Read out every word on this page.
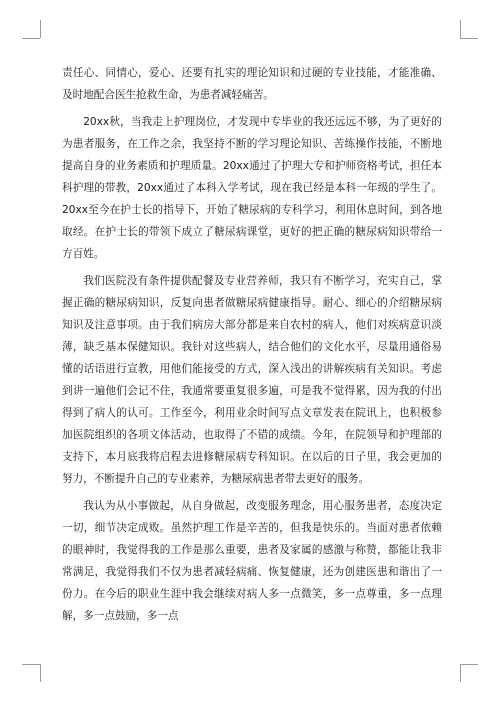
责任心、同情心，爱心、还要有扎实的理论知识和过硬的专业技能，才能准确、及时地配合医生抢救生命，为患者减轻痛苦。

20xx秋，当我走上护理岗位，才发现中专毕业的我还远远不够，为了更好的为患者服务，在工作之余，我坚持不断的学习理论知识、苦练操作技能，不断地提高自身的业务素质和护理质量。20xx通过了护理大专和护师资格考试，担任本科护理的带教，20xx通过了本科入学考试，现在我已经是本科一年级的学生了。20xx至今在护士长的指导下，开始了糖尿病的专科学习，利用休息时间，到各地取经。在护士长的带领下成立了糖尿病课堂，更好的把正确的糖尿病知识带给一方百姓。

我们医院没有条件提供配餐及专业营养师，我只有不断学习，充实自己，掌握正确的糖尿病知识，反复向患者做糖尿病健康指导。耐心、细心的介绍糖尿病知识及注意事项。由于我们病房大部分都是来自农村的病人，他们对疾病意识淡薄，缺乏基本保健知识。我针对这些病人，结合他们的文化水平，尽量用通俗易懂的话语进行宣教，用他们能接受的方式，深入浅出的讲解疾病有关知识。考虑到讲一遍他们会记不住，我通常要重复很多遍，可是我不觉得累，因为我的付出得到了病人的认可。工作至今，利用业余时间写点文章发表在院讯上，也积极参加医院组织的各项文体活动，也取得了不错的成绩。今年，在院领导和护理部的支持下，本月底我将启程去进修糖尿病专科知识。在以后的日子里，我会更加的努力，不断提升自己的专业素养，为糖尿病患者带去更好的服务。

我认为从小事做起，从自身做起，改变服务理念，用心服务患者，态度决定一切，细节决定成败。虽然护理工作是辛苦的，但我是快乐的。当面对患者依赖的眼神时，我觉得我的工作是那么重要，患者及家属的感激与称赞，都能让我非常满足，我觉得我们不仅为患者减轻病痛、恢复健康，还为创建医患和谐出了一份力。在今后的职业生涯中我会继续对病人多一点微笑，多一点尊重，多一点理解，多一点鼓励，多一点
